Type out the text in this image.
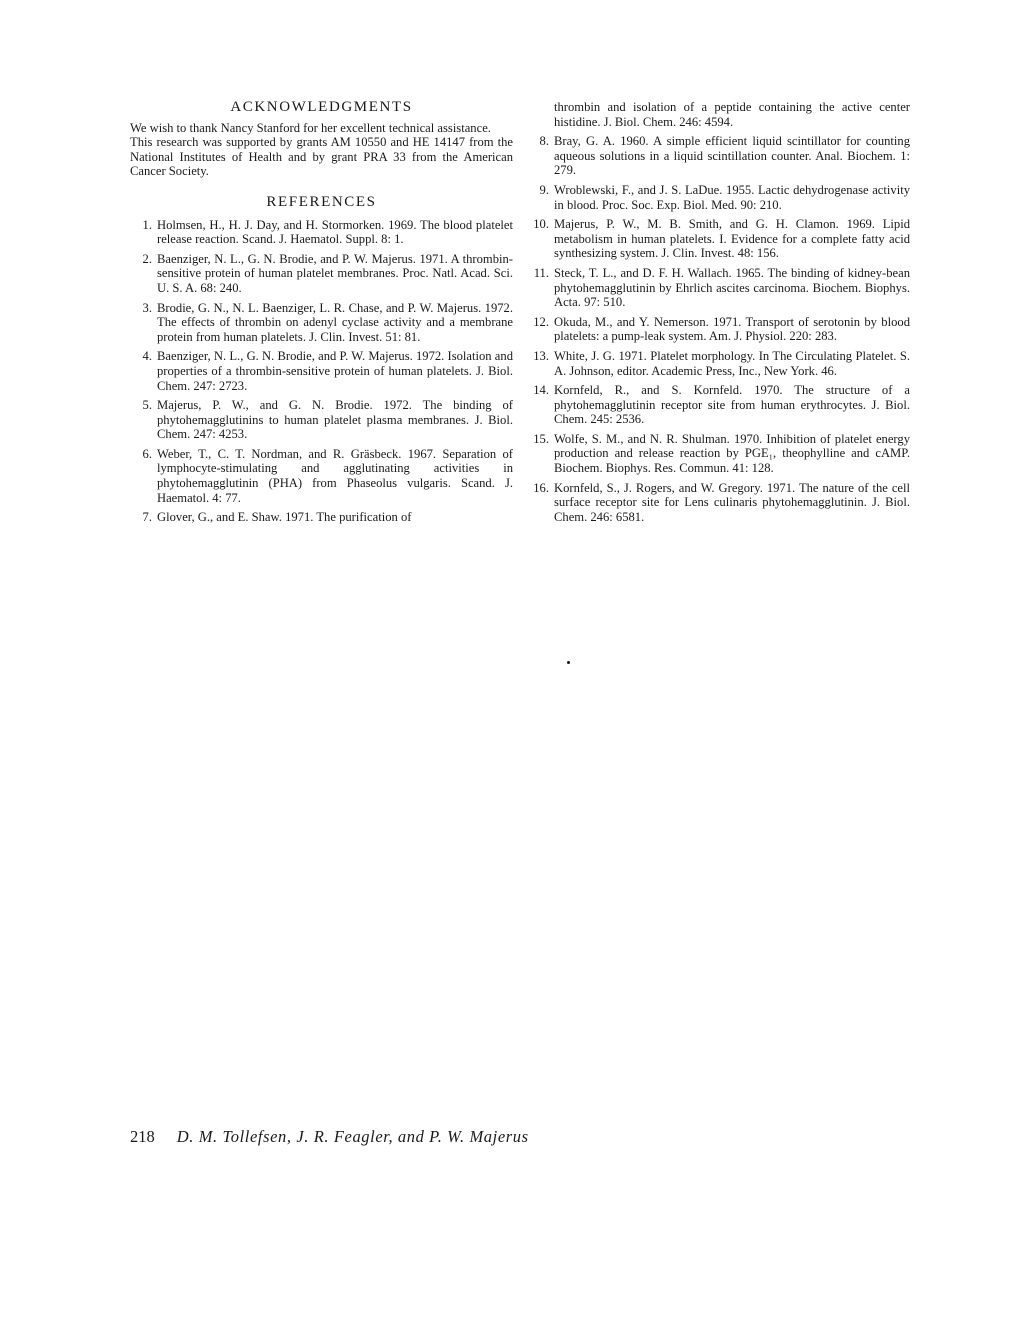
ACKNOWLEDGMENTS

We wish to thank Nancy Stanford for her excellent technical assistance.

This research was supported by grants AM 10550 and HE 14147 from the National Institutes of Health and by grant PRA 33 from the American Cancer Society.

REFERENCES
1. Holmsen, H., H. J. Day, and H. Stormorken. 1969. The blood platelet release reaction. Scand. J. Haematol. Suppl. 8: 1.
2. Baenziger, N. L., G. N. Brodie, and P. W. Majerus. 1971. A thrombin-sensitive protein of human platelet membranes. Proc. Natl. Acad. Sci. U. S. A. 68: 240.
3. Brodie, G. N., N. L. Baenziger, L. R. Chase, and P. W. Majerus. 1972. The effects of thrombin on adenyl cyclase activity and a membrane protein from human platelets. J. Clin. Invest. 51: 81.
4. Baenziger, N. L., G. N. Brodie, and P. W. Majerus. 1972. Isolation and properties of a thrombin-sensitive protein of human platelets. J. Biol. Chem. 247: 2723.
5. Majerus, P. W., and G. N. Brodie. 1972. The binding of phytohemagglutinins to human platelet plasma membranes. J. Biol. Chem. 247: 4253.
6. Weber, T., C. T. Nordman, and R. Gräsbeck. 1967. Separation of lymphocyte-stimulating and agglutinating activities in phytohemagglutinin (PHA) from Phaseolus vulgaris. Scand. J. Haematol. 4: 77.
7. Glover, G., and E. Shaw. 1971. The purification of
thrombin and isolation of a peptide containing the active center histidine. J. Biol. Chem. 246: 4594.
8. Bray, G. A. 1960. A simple efficient liquid scintillator for counting aqueous solutions in a liquid scintillation counter. Anal. Biochem. 1: 279.
9. Wroblewski, F., and J. S. LaDue. 1955. Lactic dehydrogenase activity in blood. Proc. Soc. Exp. Biol. Med. 90: 210.
10. Majerus, P. W., M. B. Smith, and G. H. Clamon. 1969. Lipid metabolism in human platelets. I. Evidence for a complete fatty acid synthesizing system. J. Clin. Invest. 48: 156.
11. Steck, T. L., and D. F. H. Wallach. 1965. The binding of kidney-bean phytohemagglutinin by Ehrlich ascites carcinoma. Biochem. Biophys. Acta. 97: 510.
12. Okuda, M., and Y. Nemerson. 1971. Transport of serotonin by blood platelets: a pump-leak system. Am. J. Physiol. 220: 283.
13. White, J. G. 1971. Platelet morphology. In The Circulating Platelet. S. A. Johnson, editor. Academic Press, Inc., New York. 46.
14. Kornfeld, R., and S. Kornfeld. 1970. The structure of a phytohemagglutinin receptor site from human erythrocytes. J. Biol. Chem. 245: 2536.
15. Wolfe, S. M., and N. R. Shulman. 1970. Inhibition of platelet energy production and release reaction by PGE₁, theophylline and cAMP. Biochem. Biophys. Res. Commun. 41: 128.
16. Kornfeld, S., J. Rogers, and W. Gregory. 1971. The nature of the cell surface receptor site for Lens culinaris phytohemagglutinin. J. Biol. Chem. 246: 6581.
218 D. M. Tollefsen, J. R. Feagler, and P. W. Majerus
